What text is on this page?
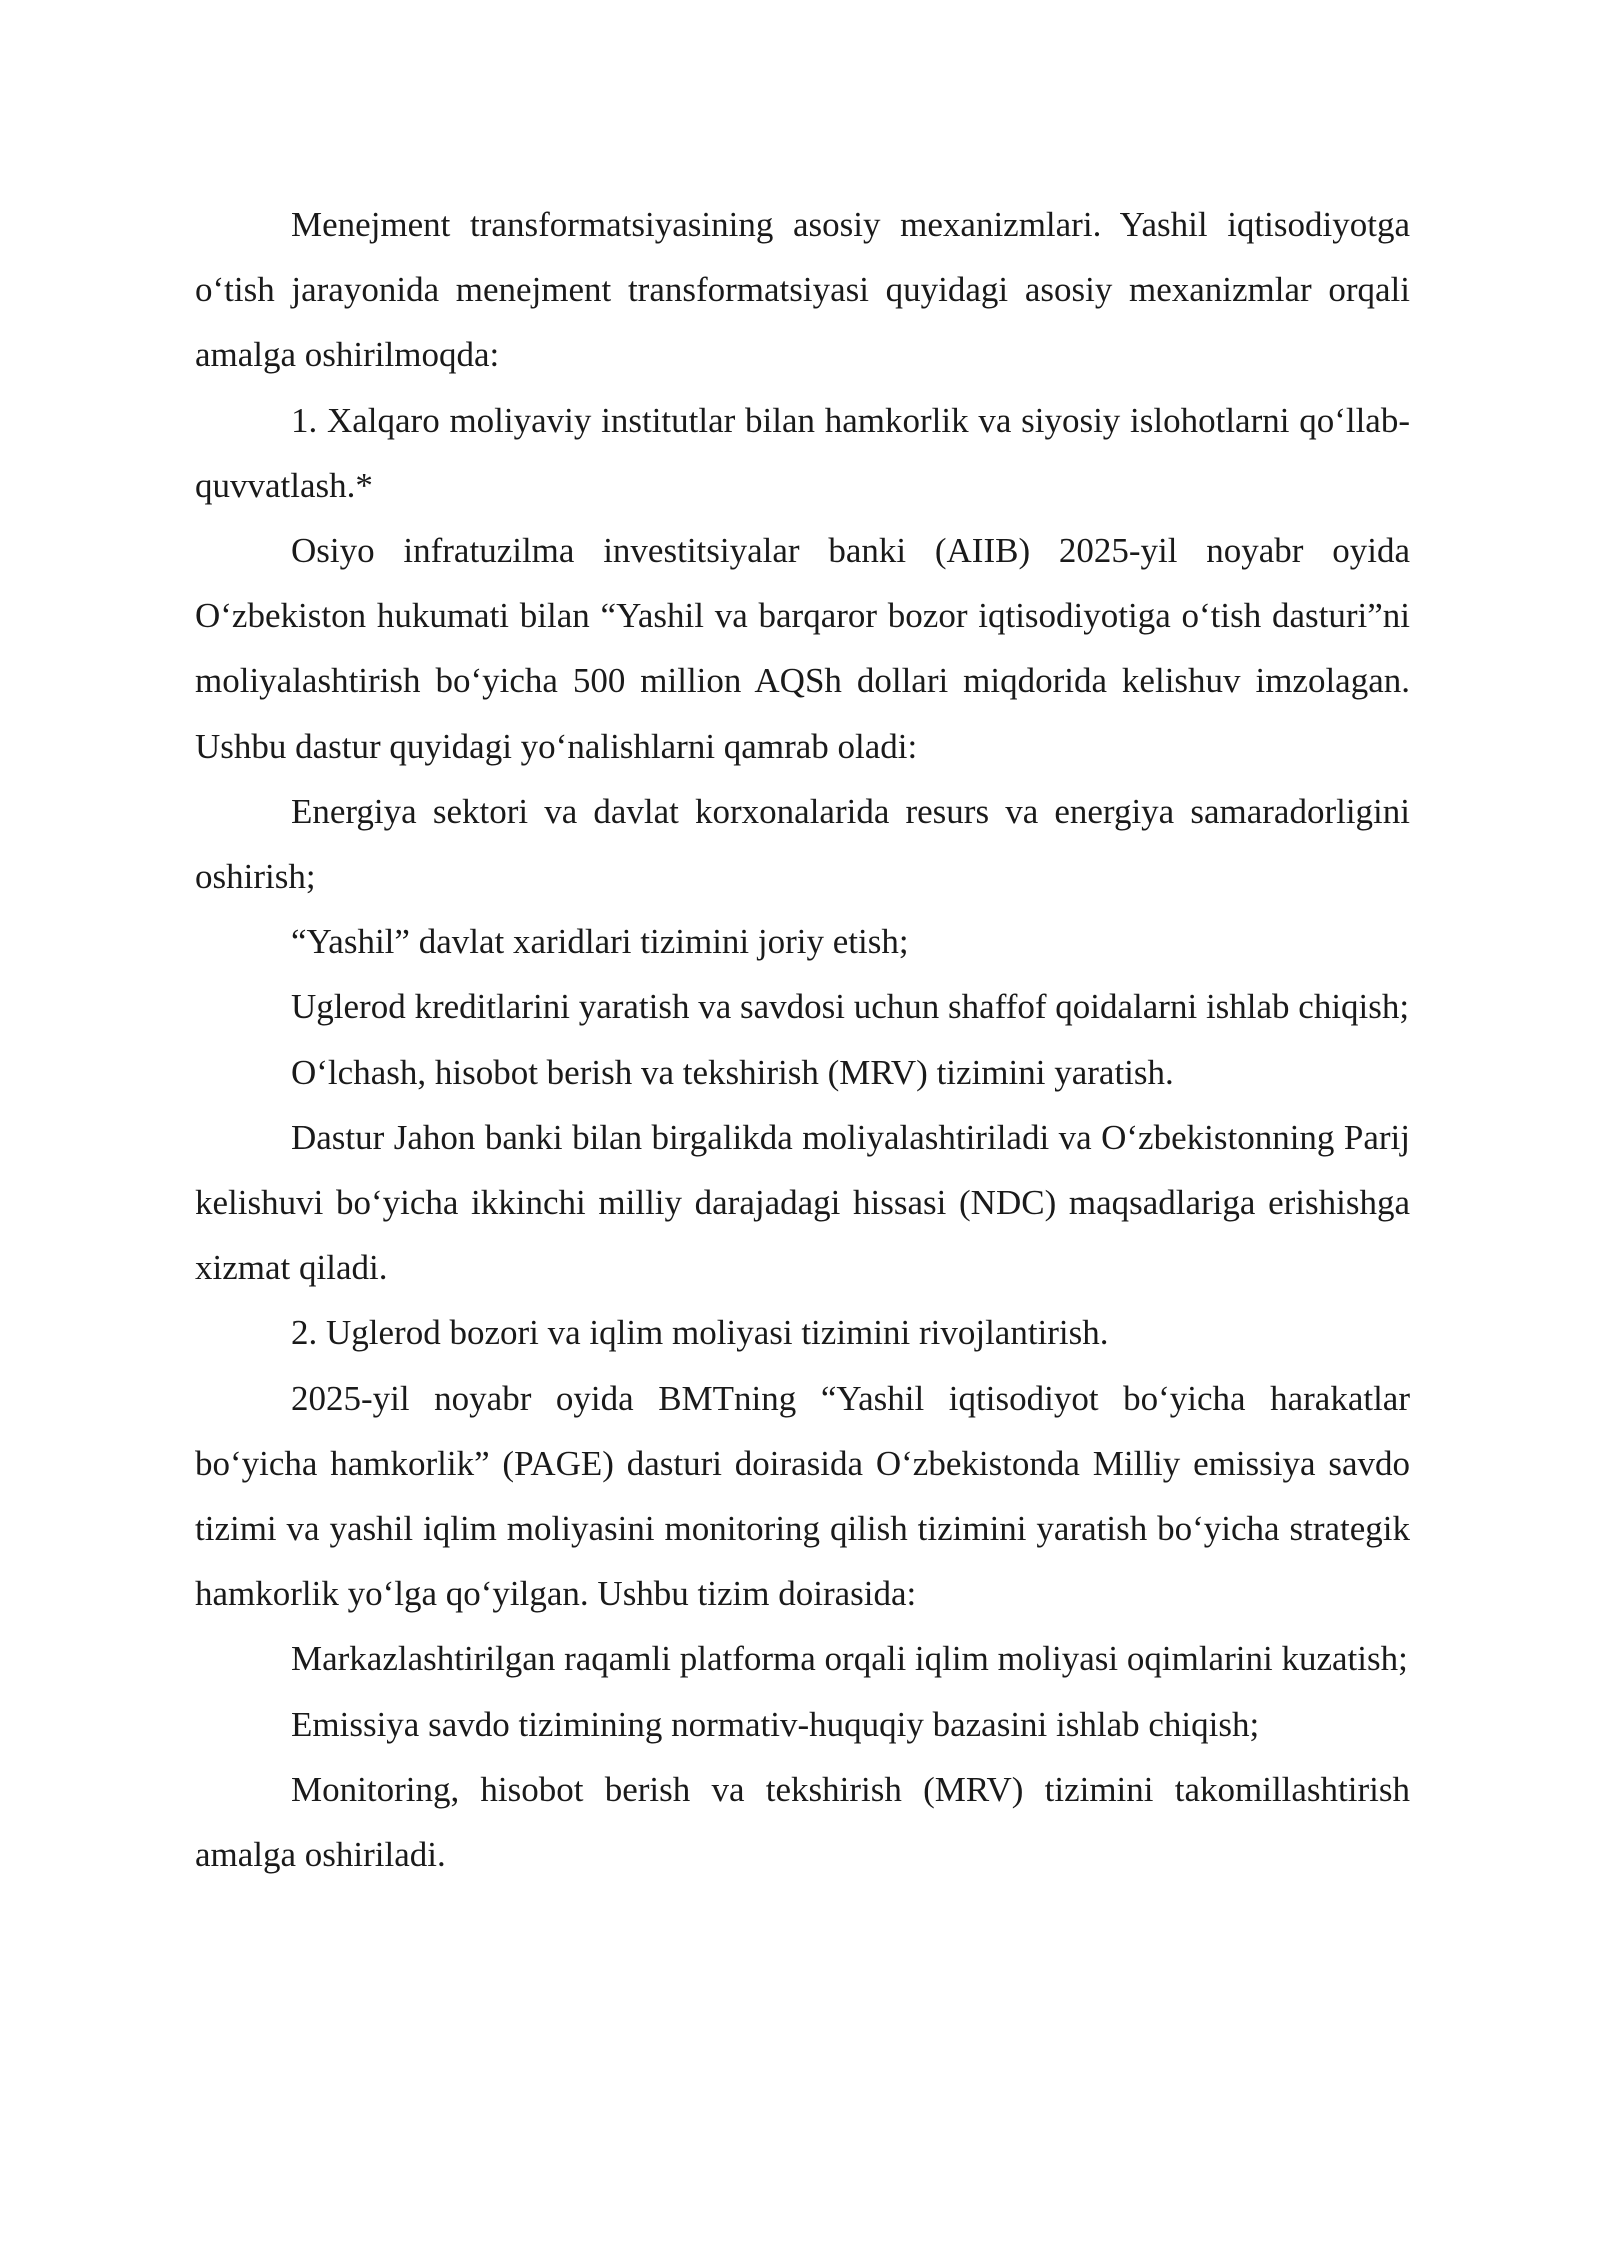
Menejment transformatsiyasining asosiy mexanizmlari. Yashil iqtisodiyotga o‘tish jarayonida menejment transformatsiyasi quyidagi asosiy mexanizmlar orqali amalga oshirilmoqda:

1. Xalqaro moliyaviy institutlar bilan hamkorlik va siyosiy islohotlarni qo‘llab-quvvatlash.*

Osiyo infratuzilma investitsiyalar banki (AIIB) 2025-yil noyabr oyida O‘zbekiston hukumati bilan “Yashil va barqaror bozor iqtisodiyotiga o‘tish dasturi”ni moliyalashtirish bo‘yicha 500 million AQSh dollari miqdorida kelishuv imzolagan. Ushbu dastur quyidagi yo‘nalishlarni qamrab oladi:

Energiya sektori va davlat korxonalarida resurs va energiya samaradorligini oshirish;

“Yashil” davlat xaridlari tizimini joriy etish;

Uglerod kreditlarini yaratish va savdosi uchun shaffof qoidalarni ishlab chiqish;

O‘lchash, hisobot berish va tekshirish (MRV) tizimini yaratish.

Dastur Jahon banki bilan birgalikda moliyalashtiriladi va O‘zbekistonning Parij kelishuvi bo‘yicha ikkinchi milliy darajadagi hissasi (NDC) maqsadlariga erishishga xizmat qiladi.

2. Uglerod bozori va iqlim moliyasi tizimini rivojlantirish.

2025-yil noyabr oyida BMTning “Yashil iqtisodiyot bo‘yicha harakatlar bo‘yicha hamkorlik” (PAGE) dasturi doirasida O‘zbekistonda Milliy emissiya savdo tizimi va yashil iqlim moliyasini monitoring qilish tizimini yaratish bo‘yicha strategik hamkorlik yo‘lga qo‘yilgan. Ushbu tizim doirasida:

Markazlashtirilgan raqamli platforma orqali iqlim moliyasi oqimlarini kuzatish;

Emissiya savdo tizimining normativ-huquqiy bazasini ishlab chiqish;

Monitoring, hisobot berish va tekshirish (MRV) tizimini takomillashtirish amalga oshiriladi.
